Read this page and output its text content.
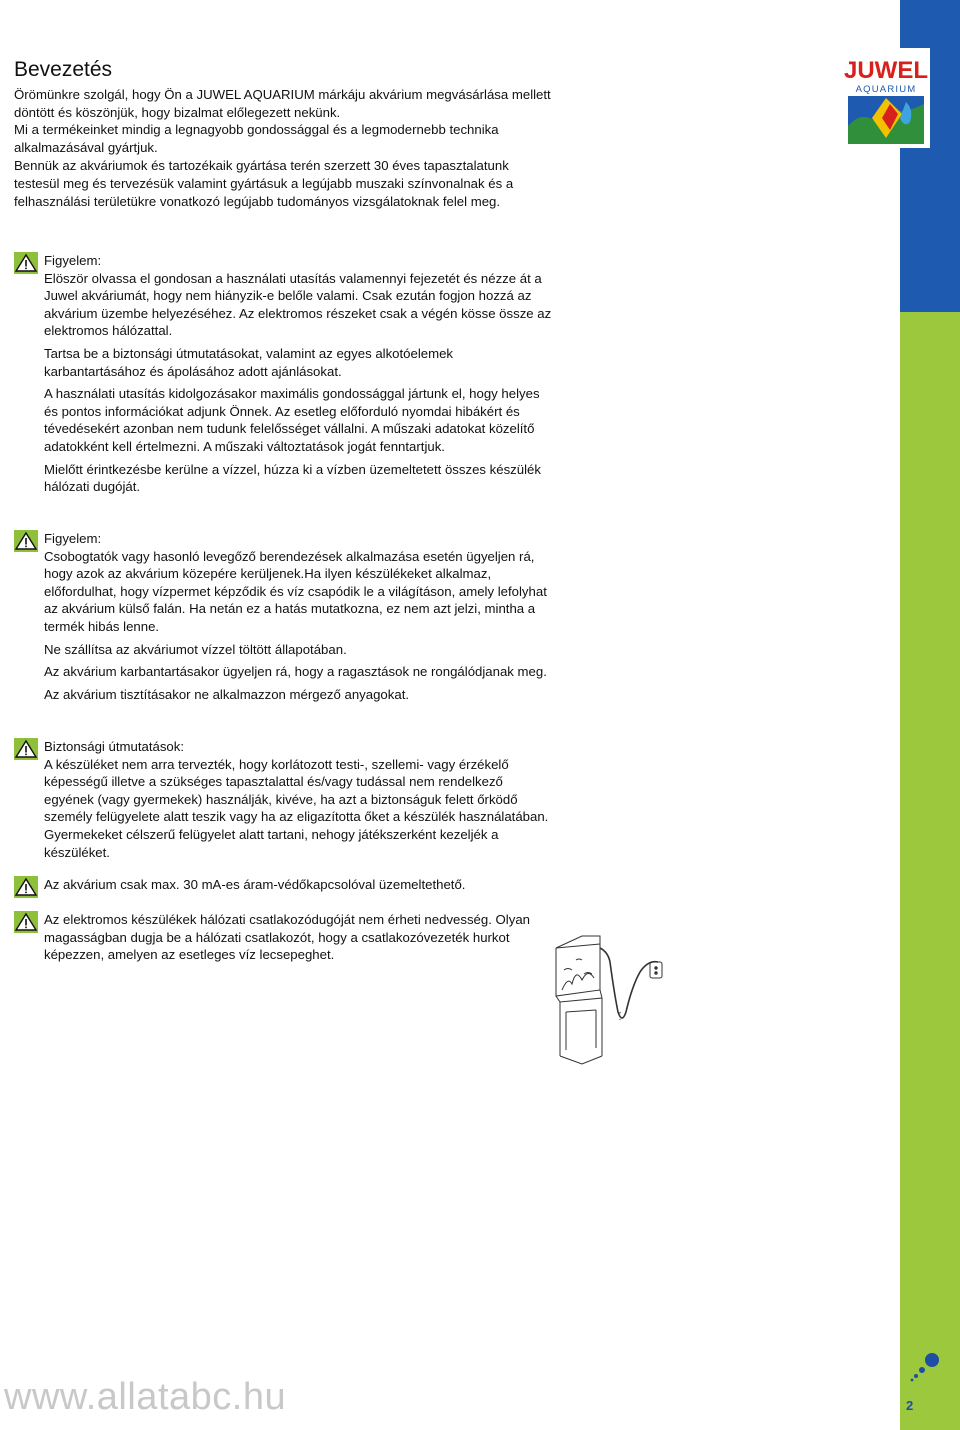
Bevezetés

Örömünkre szolgál, hogy Ön a JUWEL AQUARIUM márkáju akvárium megvásárlása mellett döntött és köszönjük, hogy bizalmat előlegezett nekünk.

Mi a termékeinket mindig a legnagyobb gondossággal és a legmodernebb technika alkalmazásával gyártjuk.

Bennük az akváriumok és tartozékaik gyártása terén szerzett 30 éves tapasztalatunk testesül meg és tervezésük valamint gyártásuk a legújabb muszaki színvonalnak és a felhasználási területükre vonatkozó legújabb tudományos vizsgálatoknak felel meg.

Figyelem:

Elöször olvassa el gondosan a használati utasítás valamennyi fejezetét és nézze át a Juwel akváriumát, hogy nem hiányzik-e belőle valami. Csak ezután fogjon hozzá az akvárium üzembe helyezéséhez. Az elektromos részeket csak a végén kösse össze az elektromos hálózattal.

Tartsa be a biztonsági útmutatásokat, valamint az egyes alkotóelemek karbantartásához és ápolásához adott ajánlásokat.

A használati utasítás kidolgozásakor maximális gondossággal jártunk el, hogy helyes és pontos információkat adjunk Önnek. Az esetleg előforduló nyomdai hibákért és tévedésekért azonban nem tudunk felelősséget vállalni. A műszaki adatokat közelítő adatokként kell értelmezni. A műszaki változtatások jogát fenntartjuk.

Mielőtt érintkezésbe kerülne a vízzel, húzza ki a vízben üzemeltetett összes készülék hálózati dugóját.

Figyelem:

Csobogtatók vagy hasonló levegőző berendezések alkalmazása esetén ügyeljen rá, hogy azok az akvárium közepére kerüljenek.Ha ilyen készülékeket alkalmaz, előfordulhat, hogy vízpermet képződik és víz csapódik le a világításon, amely lefolyhat az akvárium külső falán. Ha netán ez a hatás mutatkozna, ez nem azt jelzi, mintha a termék hibás lenne.

Ne szállítsa az akváriumot vízzel töltött állapotában.

Az akvárium karbantartásakor ügyeljen rá, hogy a ragasztások ne rongálódjanak meg.

Az akvárium tisztításakor ne alkalmazzon mérgező anyagokat.

Biztonsági útmutatások:

A készüléket nem arra tervezték, hogy korlátozott testi-, szellemi- vagy érzékelő képességű illetve a szükséges tapasztalattal és/vagy tudással nem rendelkező egyének (vagy gyermekek) használják, kivéve, ha azt a biztonságuk felett őrködő személy felügyelete alatt teszik vagy ha az eligazította őket a készülék használatában. Gyermekeket célszerű felügyelet alatt tartani, nehogy játékszerként kezeljék a készüléket.

Az akvárium csak max. 30 mA-es áram-védőkapcsolóval üzemeltethető.

Az elektromos készülékek hálózati csatlakozódugóját nem érheti nedvesség. Olyan magasságban dugja be a hálózati csatlakozót, hogy a csatlakozóvezeték hurkot képezzen, amelyen az esetleges víz lecsepeghet.

JUWEL
AQUARIUM
2
www.allatabc.hu
